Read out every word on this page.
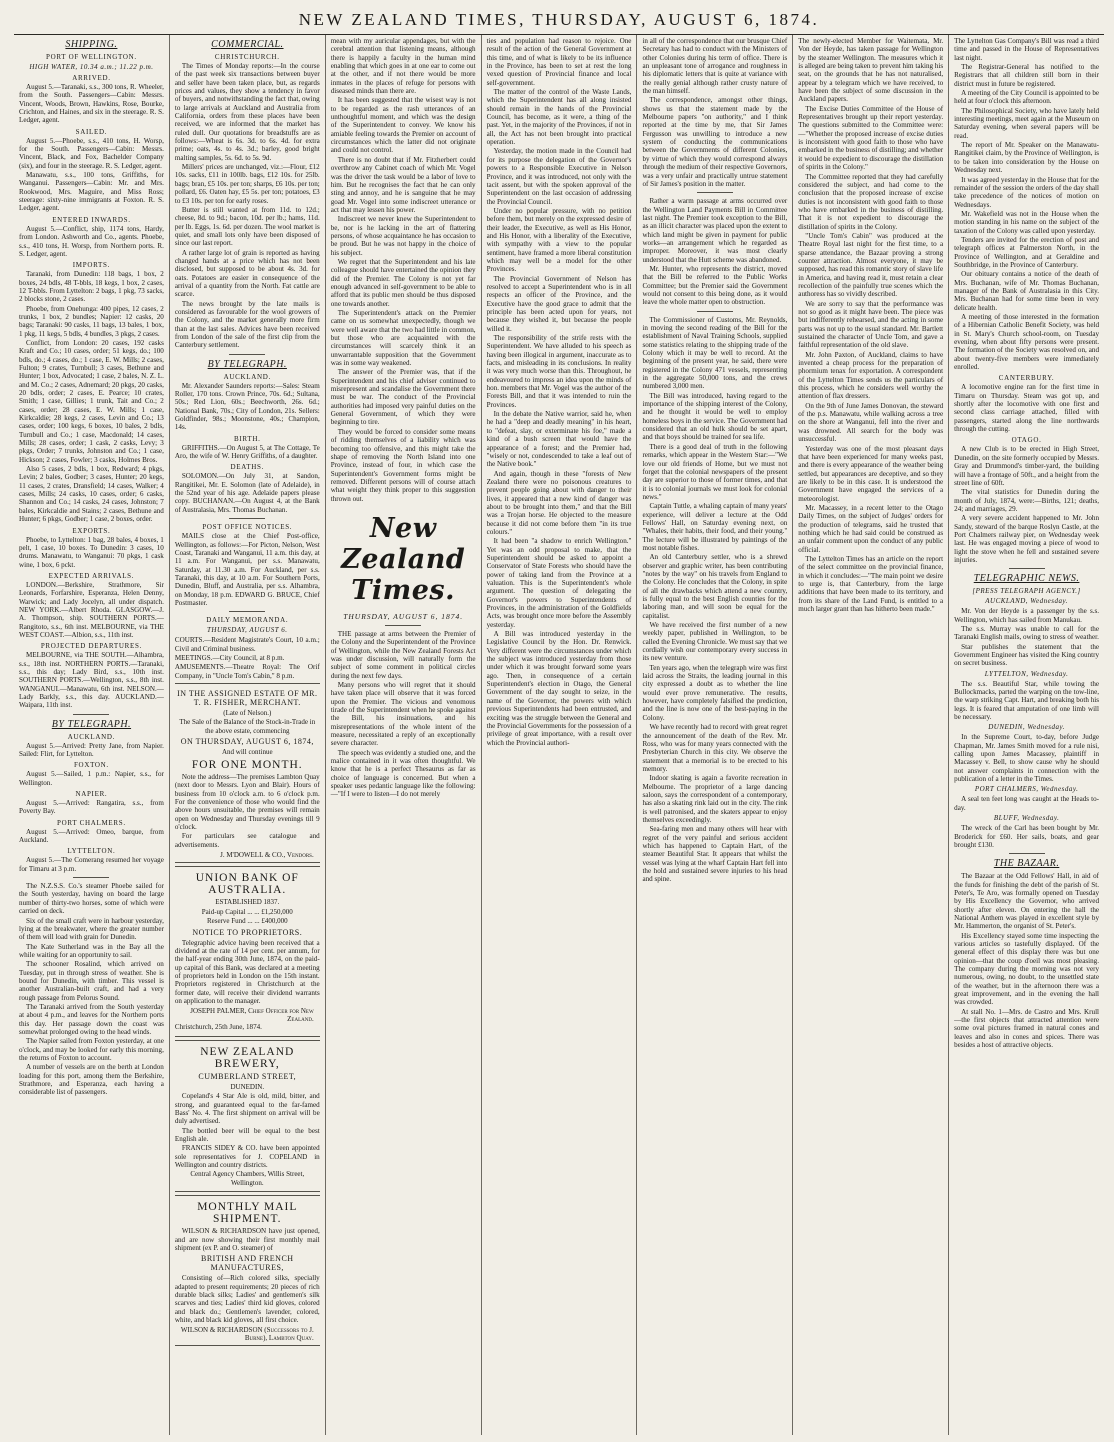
NEW ZEALAND TIMES, THURSDAY, AUGUST 6, 1874.
SHIPPING.
PORT OF WELLINGTON.
HIGH WATER, 10.34 a.m.; 11.22 p.m.
ARRIVED.

August 5.—Taranaki, s.s., 300 tons, R. Wheeler, from the South. Passengers—Cabin: Messrs. Vincent, Woods, Brown, Hawkins, Rose, Bourke, Crichton, and Haines, and six in the steerage. R. S. Ledger, agent.

SAILED.

August 5.—Phoebe, s.s., 410 tons, H. Worsp, for the South. Passengers—Cabin: Messrs. Vincent, Black, and Fox, Bachelder Company (six), and four in the steerage. R. S. Ledger, agent.

Manawatu, s.s., 100 tons, Griffiths, for Wanganui. Passengers—Cabin: Mr. and Mrs. Rookwood, Mrs. Maguire, and Miss Ross; steerage: sixty-nine immigrants at Foxton. R. S. Ledger, agent.

ENTERED INWARDS.

August 5.—Conflict, ship, 1174 tons, Hardy, from London. Ashworth and Co., agents. Phoebe, s.s., 410 tons, H. Worsp, from Northern ports. R. S. Ledger, agent.

IMPORTS.

Taranaki, from Dunedin: 118 bags, 1 box, 2 boxes, 24 bdls, 48 T-bbls, 18 kegs, 1 box, 2 cases, 12 T-bbls. From Lyttelton: 2 bags, 1 pkg, 73 sacks, 2 blocks stone, 2 cases.

Phoebe, from Onehunga: 400 pipes, 12 cases, 2 trunks, 1 box, 2 bundles; Napier: 12 casks, 20 bags; Taranaki: 90 casks, 11 bags, 13 bales, 1 box, 1 pkg, 11 kegs, 5 bdls, 4 bundles, 3 pkgs, 2 cases.

Conflict, from London: 20 cases, 192 casks Kraft and Co.; 10 cases, order; 51 kegs, do.; 100 bdls, do.; 4 cases, do.; 1 case, E. W. Mills; 2 cases, Fulton; 9 crates, Turnbull; 3 cases, Bethune and Hunter; 1 box, Advocated; 1 case, 2 bales, N. Z. L. and M. Co.; 2 cases, Adnemard; 20 pkgs, 20 casks, 20 bdls, order; 2 cases, E. Pearce; 10 crates, Smith; 1 case, Gillies; 1 trunk, Tait and Co.; 2 cases, order; 28 cases, E. W. Mills; 1 case, Kirkcaldie; 28 kegs, 2 cases, Levin and Co.; 13 cases, order; 100 kegs, 6 boxes, 10 bales, 2 bdls, Turnbull and Co.; 1 case, Macdonald; 14 cases, Mills; 28 cases, order; 1 cask, 2 casks, Levy; 3 pkgs, Order; 7 trunks, Johnston and Co.; 1 case, Hickson; 2 cases, Fowler; 3 casks, Holmes Bros.

Also 5 cases, 2 bdls, 1 box, Redward; 4 pkgs, Levin; 2 bales, Godber; 3 cases, Hunter; 20 kegs, 11 cases, 2 crates, Dransfield; 14 cases, Walker; 4 cases, Mills; 24 casks, 10 cases, order; 6 casks, Shannon and Co.; 14 casks, 24 cases, Johnston; 7 bales, Kirkcaldie and Stains; 2 cases, Bethune and Hunter; 6 pkgs, Godber; 1 case, 2 boxes, order.

EXPORTS.

Phoebe, to Lyttelton: 1 bag, 28 bales, 4 boxes, 1 pelt, 1 case, 10 boxes. To Dunedin: 3 cases, 10 drums. Manawatu, to Wanganui: 70 pkgs, 1 cask wine, 1 box, 6 pckt.

EXPECTED ARRIVALS.

LONDON.—Berkshire, Strathmore, Sir Leonards, Forfarshire, Esperanza, Helen Denny, Warwick; and Lady Jocelyn, all under dispatch. NEW YORK.—Albert Rhoda. GLASGOW.—J. A. Thompson, ship. SOUTHERN PORTS.—Rangitoto, s.s., 6th inst. MELBOURNE, via THE WEST COAST.—Albion, s.s., 11th inst.

PROJECTED DEPARTURES.

MELBOURNE, via THE SOUTH.—Alhambra, s.s., 18th inst. NORTHERN PORTS.—Taranaki, s.s., this day; Lady Bird, s.s., 10th inst. SOUTHERN PORTS.—Wellington, s.s., 8th inst. WANGANUI.—Manawatu, 6th inst. NELSON.—Lady Barkly, s.s., this day. AUCKLAND.—Waipara, 11th inst.

BY TELEGRAPH.
AUCKLAND.

August 5.—Arrived: Pretty Jane, from Napier. Sailed: Flirt, for Lyttelton.

FOXTON.

August 5.—Sailed, 1 p.m.: Napier, s.s., for Wellington.

NAPIER.

August 5.—Arrived: Rangatira, s.s., from Poverty Bay.

PORT CHALMERS.

August 5.—Arrived: Omeo, barque, from Auckland.

LYTTELTON.

August 5.—The Comerang resumed her voyage for Timaru at 3 p.m.

The N.Z.S.S. Co.'s steamer Phoebe sailed for the South yesterday, having on board the large number of thirty-two horses, some of which were carried on deck.

Six of the small craft were in harbour yesterday, lying at the breakwater, where the greater number of them will load with grain for Dunedin.

The Kate Sutherland was in the Bay all the while waiting for an opportunity to sail.

The schooner Rosalind, which arrived on Tuesday, put in through stress of weather. She is bound for Dunedin, with timber. This vessel is another Australian-built craft, and had a very rough passage from Pelorus Sound.

The Taranaki arrived from the South yesterday at about 4 p.m., and leaves for the Northern ports this day. Her passage down the coast was somewhat prolonged owing to the head winds.

The Napier sailed from Foxton yesterday, at one o'clock, and may be looked for early this morning, the returns of Foxton to account.

A number of vessels are on the berth at London loading for this port, among them the Berkshire, Strathmore, and Esperanza, each having a considerable list of passengers.

COMMERCIAL.
CHRISTCHURCH.

The Times of Monday reports:—In the course of the past week six transactions between buyer and seller have been taken place, but, as regards prices and values, they show a tendency in favor of buyers, and notwithstanding the fact that, owing to large arrivals at Auckland and Australia from California, orders from these places have been received, we are informed that the market has ruled dull. Our quotations for breadstuffs are as follows:—Wheat is 6s. 3d. to 6s. 4d. for extra prime; oats, 4s. to 4s. 3d.; barley, good bright malting samples, 5s. 6d. to 5s. 9d.

Millers' prices are unchanged, viz.:—Flour, £12 10s. sacks, £11 in 100lb. bags, £12 10s. for 25lb. bags; bran, £5 10s. per ton; sharps, £6 10s. per ton; pollard, £6. Oaten hay, £5 5s. per ton; potatoes, £3 to £3 10s. per ton for early roses.

Butter is still wanted at from 11d. to 12d.; cheese, 8d. to 9d.; bacon, 10d. per lb.; hams, 11d. per lb. Eggs, 1s. 6d. per dozen. The wool market is quiet, and small lots only have been disposed of since our last report.

A rather large lot of grain is reported as having changed hands at a price which has not been disclosed, but supposed to be about 4s. 3d. for oats. Potatoes are easier in consequence of the arrival of a quantity from the North. Fat cattle are scarce.

The news brought by the late mails is considered as favourable for the wool growers of the Colony, and the market generally more firm than at the last sales. Advices have been received from London of the sale of the first clip from the Canterbury settlement.

BY TELEGRAPH.
AUCKLAND.

Mr. Alexander Saunders reports:—Sales: Steam Roller, 170 tons. Crown Prince, 70s. 6d.; Sultana, 50s.; Red Lion, 60s.; Beechworth, 26s. 6d.; National Bank, 70s.; City of London, 21s. Sellers: Goldfinder, 98s.; Moonstone, 40s.; Champion, 14s.

BIRTH.

GRIFFITHS.—On August 5, at The Cottage, Te Aro, the wife of W. Henry Griffiths, of a daughter.

DEATHS.

SOLOMON.—On July 31, at Sandon, Rangitikei, Mr. E. Solomon (late of Adelaide), in the 52nd year of his age. Adelaide papers please copy. BUCHANAN.—On August 4, at the Bank of Australasia, Mrs. Thomas Buchanan.

POST OFFICE NOTICES.

MAILS close at the Chief Post-office, Wellington, as follows:—For Picton, Nelson, West Coast, Taranaki and Wanganui, 11 a.m. this day, at 11 a.m. For Wanganui, per s.s. Manawatu, Saturday, at 11.30 a.m. For Auckland, per s.s. Taranaki, this day, at 10 a.m. For Southern Ports, Dunedin, Bluff, and Australia, per s.s. Alhambra, on Monday, 18 p.m. EDWARD G. BRUCE, Chief Postmaster.

DAILY MEMORANDA.
THURSDAY, AUGUST 6.

COURTS.—Resident Magistrate's Court, 10 a.m.; Civil and Criminal business.

MEETINGS.—City Council, at 8 p.m.

AMUSEMENTS.—Theatre Royal: The Orif Company, in "Uncle Tom's Cabin," 8 p.m.

IN THE ASSIGNED ESTATE OF MR. T. R. FISHER, MERCHANT.
(Late of Nelson.)
The Sale of the Balance of the Stock-in-Trade in the above estate, commencing
ON THURSDAY, AUGUST 6, 1874,
And will continue
FOR ONE MONTH.

Note the address—The premises Lambton Quay (next door to Messrs. Lyon and Blair). Hours of business from 10 o'clock a.m. to 6 o'clock p.m. For the convenience of those who would find the above hours unsuitable, the premises will remain open on Wednesday and Thursday evenings till 9 o'clock.

For particulars see catalogue and advertisements.

J. M'DOWELL & CO., Vendors.
UNION BANK OF AUSTRALIA.
ESTABLISHED 1837.
Paid-up Capital ... ... £1,250,000
Reserve Fund ... ... £400,000
NOTICE TO PROPRIETORS.

Telegraphic advice having been received that a dividend at the rate of 14 per cent. per annum, for the half-year ending 30th June, 1874, on the paid-up capital of this Bank, was declared at a meeting of proprietors held in London on the 15th instant. Proprietors registered in Christchurch at the former date, will receive their dividend warrants on application to the manager.

JOSEPH PALMER, Chief Officer for New Zealand.

Christchurch, 25th June, 1874.

NEW ZEALAND BREWERY,
CUMBERLAND STREET,
DUNEDIN.

Copeland's 4 Star Ale is old, mild, bitter, and strong, and guaranteed equal to the far-famed Bass' No. 4. The first shipment on arrival will be duly advertised.

The bottled beer will be equal to the best English ale.

FRANCIS SIDEY & CO. have been appointed sole representatives for J. COPELAND in Wellington and country districts.

Central Agency Chambers, Willis Street, Wellington.
MONTHLY MAIL SHIPMENT.

WILSON & RICHARDSON have just opened, and are now showing their first monthly mail shipment (ex P. and O. steamer) of

BRITISH AND FRENCH MANUFACTURES,

Consisting of—Rich colored silks, specially adapted to present requirements; 20 pieces of rich durable black silks; Ladies' and gentlemen's silk scarves and ties; Ladies' third kid gloves, colored and black do.; Gentlemen's lavender, colored, white, and black kid gloves, all first choice.

WILSON & RICHARDSON (Successors to J. Burne), Lambton Quay.

mean with my auricular appendages, but with the cerebral attention that listening means, although there is happily a faculty in the human mind enabling that which goes in at one ear to come out at the other, and if not there would be more inmates in the places of refuge for persons with diseased minds than there are.

It has been suggested that the wisest way is not to be regarded as the rash utterances of an unthoughtful moment, and which was the design of the Superintendent to convey. We know his amiable feeling towards the Premier on account of circumstances which the latter did not originate and could not control.

There is no doubt that if Mr. Fitzherbert could overthrow any Cabinet coach of which Mr. Vogel was the driver the task would be a labor of love to him. But he recognises the fact that he can only sting and annoy, and he is sanguine that he may goad Mr. Vogel into some indiscreet utterance or act that may lessen his power.

Indiscreet we never knew the Superintendent to be, nor is he lacking in the art of flattering persons, of whose acquaintance he has occasion to be proud. But he was not happy in the choice of his subject.

We regret that the Superintendent and his late colleague should have entertained the opinion they did of the Premier. The Colony is not yet far enough advanced in self-government to be able to afford that its public men should be thus disposed one towards another.

The Superintendent's attack on the Premier came on us somewhat unexpectedly, though we were well aware that the two had little in common, but those who are acquainted with the circumstances will scarcely think it an unwarrantable supposition that the Government was in some way weakened.

The answer of the Premier was, that if the Superintendent and his chief adviser continued to misrepresent and scandalise the Government there must be war. The conduct of the Provincial authorities had imposed very painful duties on the General Government, of which they were beginning to tire.

They would be forced to consider some means of ridding themselves of a liability which was becoming too offensive, and this might take the shape of removing the North Island into one Province, instead of four, in which case the Superintendent's Government forms might be removed. Different persons will of course attach what weight they think proper to this suggestion thrown out.

New Zealand Times.
THURSDAY, AUGUST 6, 1874.

THE passage at arms between the Premier of the Colony and the Superintendent of the Province of Wellington, while the New Zealand Forests Act was under discussion, will naturally form the subject of some comment in political circles during the next few days.

Many persons who will regret that it should have taken place will observe that it was forced upon the Premier. The vicious and venomous tirade of the Superintendent when he spoke against the Bill, his insinuations, and his misrepresentations of the whole intent of the measure, necessitated a reply of an exceptionally severe character.

The speech was evidently a studied one, and the malice contained in it was often thoughtful. We know that he is a perfect Thesaurus as far as choice of language is concerned. But when a speaker uses pedantic language like the following:—"If I were to listen—I do not merely

ties and population had reason to rejoice. One result of the action of the General Government at this time, and of what is likely to be its influence in the Province, has been to set at rest the long vexed question of Provincial finance and local self-government.

The matter of the control of the Waste Lands, which the Superintendent has all along insisted should remain in the hands of the Provincial Council, has become, as it were, a thing of the past. Yet, in the majority of the Provinces, if not in all, the Act has not been brought into practical operation.

Yesterday, the motion made in the Council had for its purpose the delegation of the Governor's powers to a Responsible Executive in Nelson Province, and it was introduced, not only with the tacit assent, but with the spoken approval of the Superintendent on the last occasion of addressing the Provincial Council.

Under no popular pressure, with no petition before them, but merely on the expressed desire of their leader, the Executive, as well as His Honor, and His Honor, with a liberality of the Executive, with sympathy with a view to the popular sentiment, have framed a more liberal constitution which may well be a model for the other Provinces.

The Provincial Government of Nelson has resolved to accept a Superintendent who is in all respects an officer of the Province, and the Executive have the good grace to admit that the principle has been acted upon for years, not because they wished it, but because the people willed it.

The responsibility of the strife rests with the Superintendent. We have alluded to his speech as having been illogical in argument, inaccurate as to facts, and misleading in its conclusions. In reality it was very much worse than this. Throughout, he endeavoured to impress an idea upon the minds of hon. members that Mr. Vogel was the author of the Forests Bill, and that it was intended to ruin the Provinces.

In the debate the Native warrior, said he, when he had a "deep and deadly meaning" in his heart, to "defeat, slay, or exterminate his foe," made a kind of a bush screen that would have the appearance of a forest; and the Premier had, "wisely or not, condescended to take a leaf out of the Native book."

And again, though in these "forests of New Zealand there were no poisonous creatures to prevent people going about with danger to their lives, it appeared that a new kind of danger was about to be brought into them," and that the Bill was a Trojan horse. He objected to the measure because it did not come before them "in its true colours."

It had been "a shadow to enrich Wellington." Yet was an odd proposal to make, that the Superintendent should be asked to appoint a Conservator of State Forests who should have the power of taking land from the Province at a valuation. This is the Superintendent's whole argument. The question of delegating the Governor's powers to Superintendents of Provinces, in the administration of the Goldfields Acts, was brought once more before the Assembly yesterday.

A Bill was introduced yesterday in the Legislative Council by the Hon. Dr. Renwick. Very different were the circumstances under which the subject was introduced yesterday from those under which it was brought forward some years ago. Then, in consequence of a certain Superintendent's election in Otago, the General Government of the day sought to seize, in the name of the Governor, the powers with which previous Superintendents had been entrusted, and exciting was the struggle between the General and the Provincial Governments for the possession of a privilege of great importance, with a result over which the Provincial authori-

in all of the correspondence that our brusque Chief Secretary has had to conduct with the Ministers of other Colonies during his term of office. There is an unpleasant tone of arrogance and roughness in his diplomatic letters that is quite at variance with the really genial although rather crusty nature of the man himself.

The correspondence, amongst other things, shows us that the statement made by the Melbourne papers "on authority," and I think reported at the time by me, that Sir James Fergusson was unwilling to introduce a new system of conducting the communications between the Governments of different Colonies, by virtue of which they would correspond always through the medium of their respective Governors, was a very unfair and practically untrue statement of Sir James's position in the matter.

Rather a warm passage at arms occurred over the Wellington Land Payments Bill in Committee last night. The Premier took exception to the Bill, as an illicit character was placed upon the extent to which land might be given in payment for public works—an arrangement which he regarded as improper. Moreover, it was most clearly understood that the Hutt scheme was abandoned.

Mr. Hunter, who represents the district, moved that the Bill be referred to the Public Works Committee; but the Premier said the Government would not consent to this being done, as it would leave the whole matter open to obstruction.

The Commissioner of Customs, Mr. Reynolds, in moving the second reading of the Bill for the establishment of Naval Training Schools, supplied some statistics relating to the shipping trade of the Colony which it may be well to record. At the beginning of the present year, he said, there were registered in the Colony 471 vessels, representing in the aggregate 50,000 tons, and the crews numbered 3,000 men.

The Bill was introduced, having regard to the importance of the shipping interest of the Colony, and he thought it would be well to employ homeless boys in the service. The Government had considered that an old hulk should be set apart, and that boys should be trained for sea life.

There is a good deal of truth in the following remarks, which appear in the Western Star:—"We love our old friends of Home, but we must not forget that the colonial newspapers of the present day are superior to those of former times, and that it is to colonial journals we must look for colonial news."

Captain Tuttle, a whaling captain of many years' experience, will deliver a lecture at the Odd Fellows' Hall, on Saturday evening next, on "Whales, their habits, their food, and their young." The lecture will be illustrated by paintings of the most notable fishes.

An old Canterbury settler, who is a shrewd observer and graphic writer, has been contributing "notes by the way" on his travels from England to the Colony. He concludes that the Colony, in spite of all the drawbacks which attend a new country, is fully equal to the best English counties for the laboring man, and will soon be equal for the capitalist.

We have received the first number of a new weekly paper, published in Wellington, to be called the Evening Chronicle. We must say that we cordially wish our contemporary every success in its new venture.

Ten years ago, when the telegraph wire was first laid across the Straits, the leading journal in this city expressed a doubt as to whether the line would ever prove remunerative. The results, however, have completely falsified the prediction, and the line is now one of the best-paying in the Colony.

We have recently had to record with great regret the announcement of the death of the Rev. Mr. Ross, who was for many years connected with the Presbyterian Church in this city. We observe the statement that a memorial is to be erected to his memory.

Indoor skating is again a favorite recreation in Melbourne. The proprietor of a large dancing saloon, says the correspondent of a contemporary, has also a skating rink laid out in the city. The rink is well patronised, and the skaters appear to enjoy themselves exceedingly.

Sea-faring men and many others will hear with regret of the very painful and serious accident which has happened to Captain Hart, of the steamer Beautiful Star. It appears that whilst the vessel was lying at the wharf Captain Hart fell into the hold and sustained severe injuries to his head and spine.

The newly-elected Member for Waitemata, Mr. Von der Heyde, has taken passage for Wellington by the steamer Wellington. The measures which it is alleged are being taken to prevent him taking his seat, on the grounds that he has not naturalised, appear by a telegram which we have received, to have been the subject of some discussion in the Auckland papers.

The Excise Duties Committee of the House of Representatives brought up their report yesterday. The questions submitted to the Committee were:—"Whether the proposed increase of excise duties is inconsistent with good faith to those who have embarked in the business of distilling; and whether it would be expedient to discourage the distillation of spirits in the Colony."

The Committee reported that they had carefully considered the subject, and had come to the conclusion that the proposed increase of excise duties is not inconsistent with good faith to those who have embarked in the business of distilling. That it is not expedient to discourage the distillation of spirits in the Colony.

"Uncle Tom's Cabin" was produced at the Theatre Royal last night for the first time, to a sparse attendance, the Bazaar proving a strong counter attraction. Almost everyone, it may be supposed, has read this romantic story of slave life in America, and having read it, must retain a clear recollection of the painfully true scenes which the authoress has so vividly described.

We are sorry to say that the performance was not so good as it might have been. The piece was but indifferently rehearsed, and the acting in some parts was not up to the usual standard. Mr. Bartlett sustained the character of Uncle Tom, and gave a faithful representation of the old slave.

Mr. John Paxton, of Auckland, claims to have invented a cheap process for the preparation of phormium tenax for exportation. A correspondent of the Lyttelton Times sends us the particulars of this process, which he considers well worthy the attention of flax dressers.

On the 9th of June James Donovan, the steward of the p.s. Manawatu, while walking across a tree on the shore at Wanganui, fell into the river and was drowned. All search for the body was unsuccessful.

Yesterday was one of the most pleasant days that have been experienced for many weeks past, and there is every appearance of the weather being settled, but appearances are deceptive, and so they are likely to be in this case. It is understood the Government have engaged the services of a meteorologist.

Mr. Macassey, in a recent letter to the Otago Daily Times, on the subject of Judges' orders for the production of telegrams, said he trusted that nothing which he had said could be construed as an unfair comment upon the conduct of any public official.

The Lyttelton Times has an article on the report of the select committee on the provincial finance, in which it concludes:—"The main point we desire to urge is, that Canterbury, from the large additions that have been made to its territory, and from its share of the Land Fund, is entitled to a much larger grant than has hitherto been made."

The Lyttelton Gas Company's Bill was read a third time and passed in the House of Representatives last night.

The Registrar-General has notified to the Registrars that all children still born in their district must in future be registered.

A meeting of the City Council is appointed to be held at four o'clock this afternoon.

The Philosophical Society, who have lately held interesting meetings, meet again at the Museum on Saturday evening, when several papers will be read.

The report of Mr. Speaker on the Manawatu-Rangitikei claim, by the Province of Wellington, is to be taken into consideration by the House on Wednesday next.

It was agreed yesterday in the House that for the remainder of the session the orders of the day shall take precedence of the notices of motion on Wednesdays.

Mr. Wakefield was not in the House when the motion standing in his name on the subject of the taxation of the Colony was called upon yesterday.

Tenders are invited for the erection of post and telegraph offices at Palmerston North, in the Province of Wellington, and at Geraldine and Southbridge, in the Province of Canterbury.

Our obituary contains a notice of the death of Mrs. Buchanan, wife of Mr. Thomas Buchanan, manager of the Bank of Australasia in this City. Mrs. Buchanan had for some time been in very delicate health.

A meeting of those interested in the formation of a Hibernian Catholic Benefit Society, was held in St. Mary's Church school-room, on Tuesday evening, when about fifty persons were present. The formation of the Society was resolved on, and about twenty-five members were immediately enrolled.

CANTERBURY.

A locomotive engine ran for the first time in Timaru on Thursday. Steam was got up, and shortly after the locomotive with one first and second class carriage attached, filled with passengers, started along the line northwards through the cutting.

OTAGO.

A new Club is to be erected in High Street, Dunedin, on the site formerly occupied by Messrs. Gray and Drummond's timber-yard, the building will have a frontage of 50ft., and a height from the street line of 60ft.

The vital statistics for Dunedin during the month of July, 1874, were:—Births, 121; deaths, 24; and marriages, 29.

A very severe accident happened to Mr. John Sandy, steward of the barque Roslyn Castle, at the Port Chalmers railway pier, on Wednesday week last. He was engaged moving a piece of wood to light the stove when he fell and sustained severe injuries.

TELEGRAPHIC NEWS.
[PRESS TELEGRAPH AGENCY.]
AUCKLAND, Wednesday.

Mr. Von der Heyde is a passenger by the s.s. Wellington, which has sailed from Manukau.

The s.s. Murray was unable to call for the Taranaki English mails, owing to stress of weather.

Star publishes the statement that the Government Engineer has visited the King country on secret business.

LYTTELTON, Wednesday.

The s.s. Beautiful Star, while towing the Bullockmacks, parted the warping on the tow-line, the warp striking Capt. Hart, and breaking both his legs. It is feared that amputation of one limb will be necessary.

DUNEDIN, Wednesday.

In the Supreme Court, to-day, before Judge Chapman, Mr. James Smith moved for a rule nisi, calling upon James Macassey, plaintiff in Macassey v. Bell, to show cause why he should not answer complaints in connection with the publication of a letter in the Times.

PORT CHALMERS, Wednesday.

A seal ten feet long was caught at the Heads to-day.

BLUFF, Wednesday.

The wreck of the Carl has been bought by Mr. Broderick for £60. Her sails, boats, and gear brought £130.

THE BAZAAR.

The Bazaar at the Odd Fellows' Hall, in aid of the funds for finishing the debt of the parish of St. Peter's, Te Aro, was formally opened on Tuesday by His Excellency the Governor, who arrived shortly after eleven. On entering the hall the National Anthem was played in excellent style by Mr. Hammerton, the organist of St. Peter's.

His Excellency stayed some time inspecting the various articles so tastefully displayed. Of the general effect of this display there was but one opinion—that the coup d'oeil was most pleasing. The company during the morning was not very numerous, owing, no doubt, to the unsettled state of the weather, but in the afternoon there was a great improvement, and in the evening the hall was crowded.

At stall No. 1—Mrs. de Castro and Mrs. Krull—the first objects that attracted attention were some oval pictures framed in natural cones and leaves and also in cones and spices. There was besides a host of attractive objects.
